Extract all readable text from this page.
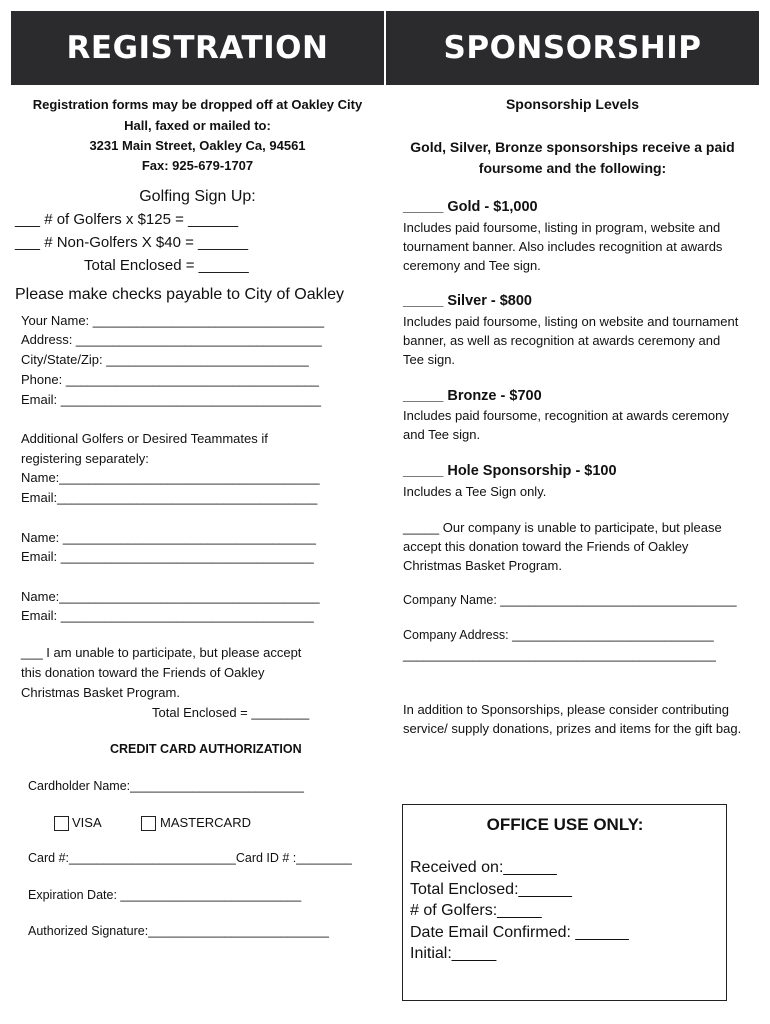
REGISTRATION	SPONSORSHIP
Registration forms may be dropped off at Oakley City
Hall, faxed or mailed to:
3231 Main Street, Oakley Ca, 94561
Fax: 925-679-1707
Golfing Sign Up:
___ # of Golfers x $125 = ______
___ # Non-Golfers X $40 = ______
Total Enclosed = ______
Please make checks payable to City of Oakley
Your Name: ________________________________
Address: __________________________________
City/State/Zip: ____________________________
Phone: ___________________________________
Email: ____________________________________
Additional Golfers or Desired Teammates if
registering separately:
Name:____________________________________
Email:____________________________________
Name: ___________________________________
Email: ___________________________________
Name:____________________________________
Email: ___________________________________
___ I am unable to participate, but please accept
this donation toward the Friends of Oakley
Christmas Basket Program.
Total Enclosed = ________
CREDIT CARD AUTHORIZATION
Cardholder Name:_________________________
VISA	MASTERCARD
Card #:________________________Card ID # :________
Expiration Date: __________________________
Authorized Signature:__________________________
Sponsorship Levels
Gold, Silver, Bronze sponsorships receive a paid
foursome and the following:
_____ Gold - $1,000
Includes paid foursome, listing in program, website and tournament banner. Also includes recognition at awards ceremony and Tee sign.
_____ Silver - $800
Includes paid foursome, listing on website and tournament banner, as well as recognition at awards ceremony and Tee sign.
_____ Bronze - $700
Includes paid foursome, recognition at awards ceremony and Tee sign.
_____ Hole Sponsorship - $100
Includes a Tee Sign only.
_____ Our company is unable to participate, but please accept this donation toward the Friends of Oakley Christmas Basket Program.
Company Name: __________________________________
Company Address: _____________________________
_____________________________________________
In addition to Sponsorships, please consider contributing service/ supply donations, prizes and items for the gift bag.
OFFICE USE ONLY:
Received on:______
Total Enclosed:______
# of Golfers:_____
Date Email Confirmed: ______
Initial:_____
